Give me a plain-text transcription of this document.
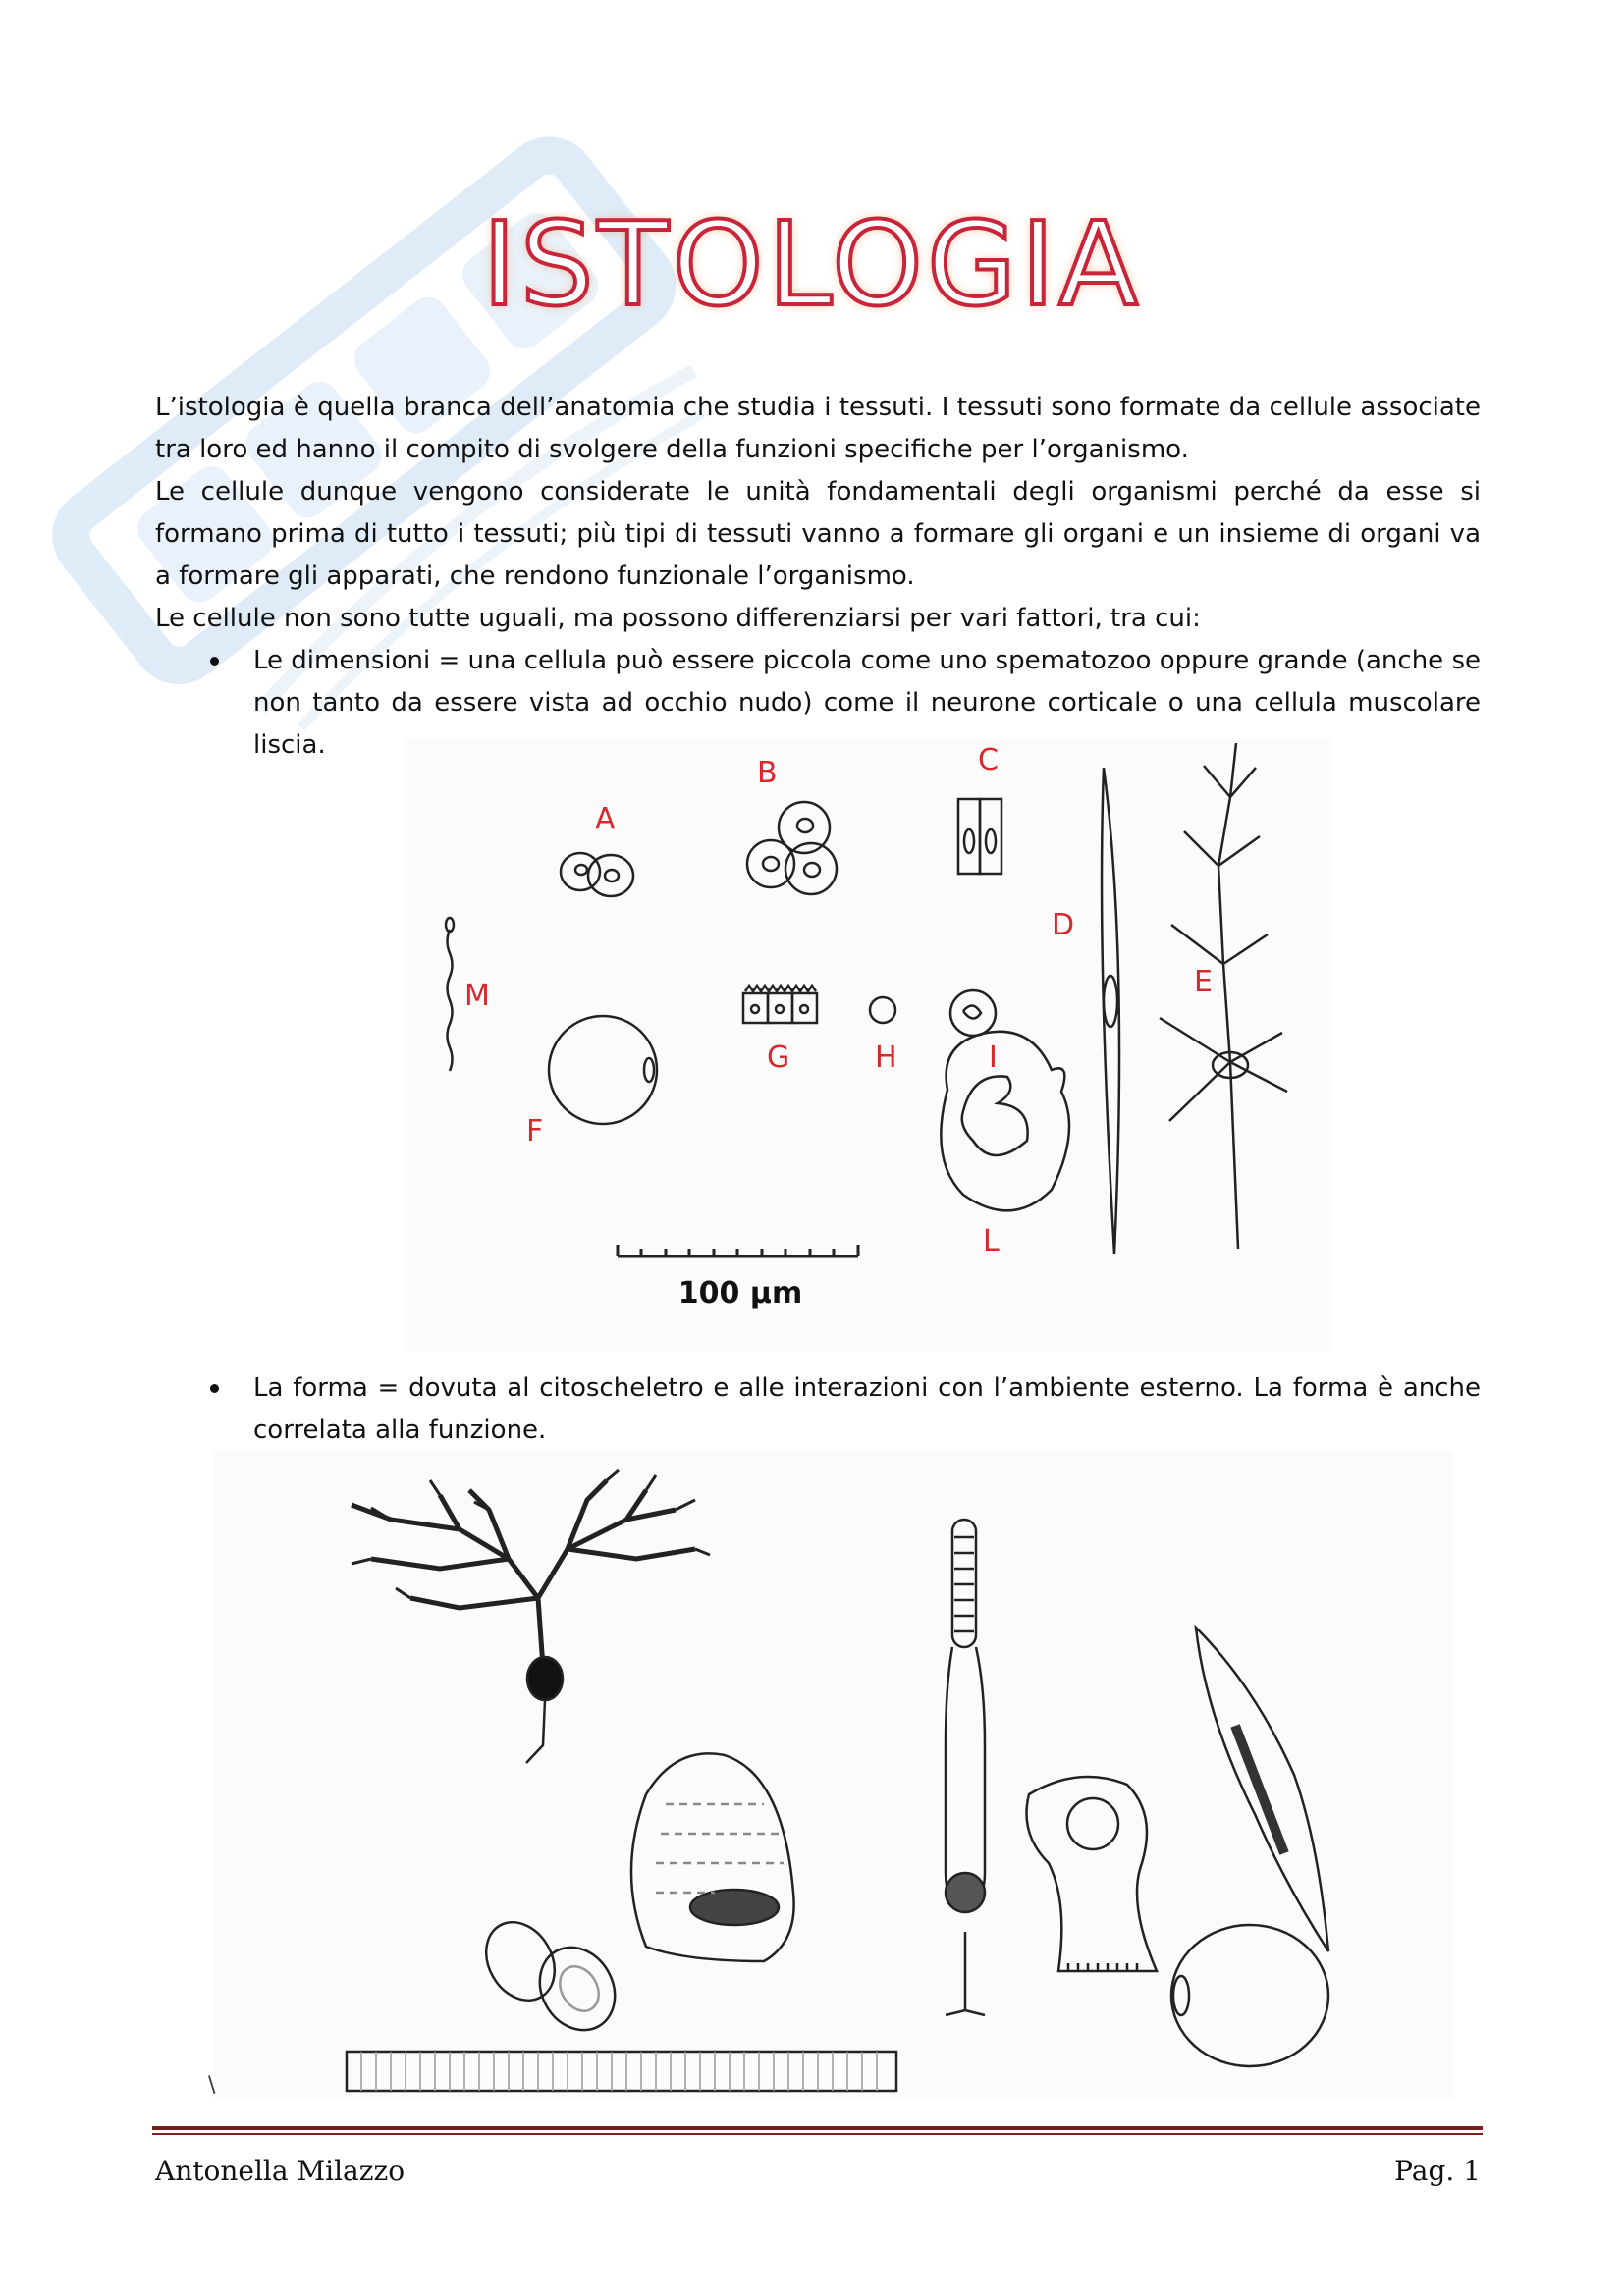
ISTOLOGIA

L’istologia è quella branca dell’anatomia che studia i tessuti. I tessuti sono formate da cellule associate tra loro ed hanno il compito di svolgere della funzioni specifiche per l’organismo.

Le cellule dunque vengono considerate le unità fondamentali degli organismi perché da esse si formano prima di tutto i tessuti; più tipi di tessuti vanno a formare gli organi e un insieme di organi va a formare gli apparati, che rendono funzionale l’organismo.

Le cellule non sono tutte uguali, ma possono differenziarsi per vari fattori, tra cui:

Le dimensioni = una cellula può essere piccola come uno spematozoo oppure grande (anche se non tanto da essere vista ad occhio nudo) come il neurone corticale o una cellula muscolare liscia.

100 µm
A
B	C
D
E
F
G	H	I
L
M

La forma = dovuta al citoscheletro e alle interazioni con l’ambiente esterno. La forma è anche correlata alla funzione.

\
Antonella Milazzo	Pag. 1
